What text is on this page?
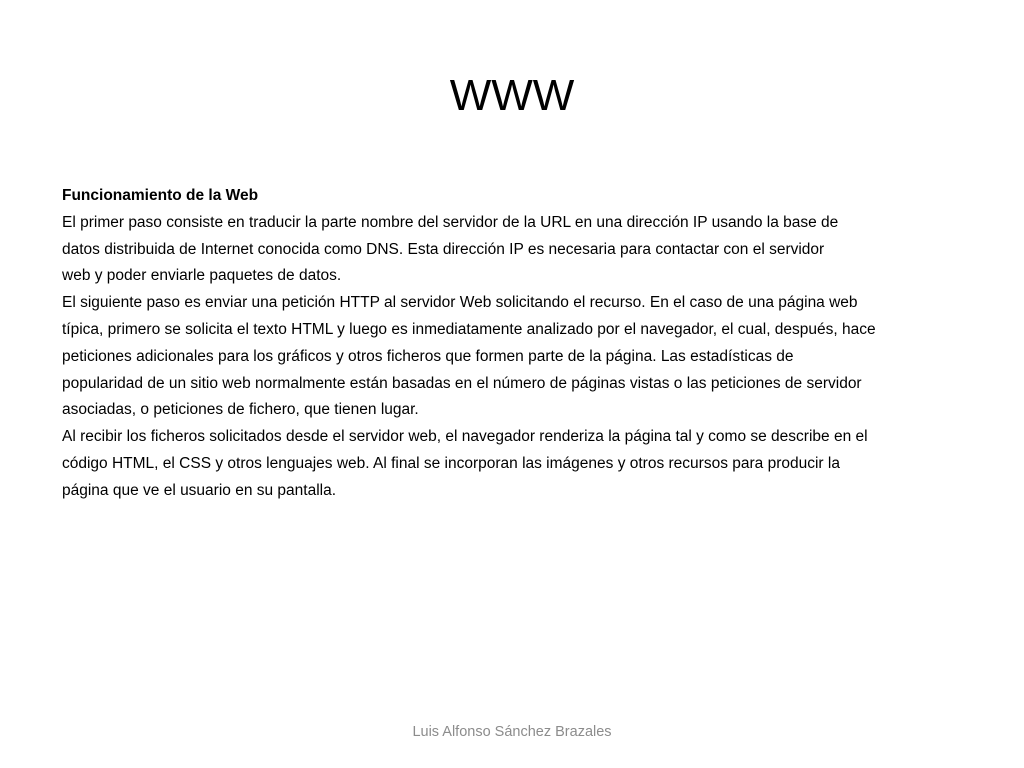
WWW
Funcionamiento de la Web
El primer paso consiste en traducir la parte nombre del servidor de la URL en una dirección IP usando la base de
datos distribuida de Internet conocida como DNS. Esta dirección IP es necesaria para contactar con el servidor
web y poder enviarle paquetes de datos.
El siguiente paso es enviar una petición HTTP al servidor Web solicitando el recurso. En el caso de una página web
típica, primero se solicita el texto HTML y luego es inmediatamente analizado por el navegador, el cual, después, hace
peticiones adicionales para los gráficos y otros ficheros que formen parte de la página. Las estadísticas de
popularidad de un sitio web normalmente están basadas en el número de páginas vistas o las peticiones de servidor
asociadas, o peticiones de fichero, que tienen lugar.
Al recibir los ficheros solicitados desde el servidor web, el navegador renderiza la página tal y como se describe en el
código HTML, el CSS y otros lenguajes web. Al final se incorporan las imágenes y otros recursos para producir la
página que ve el usuario en su pantalla.
Luis Alfonso Sánchez Brazales
